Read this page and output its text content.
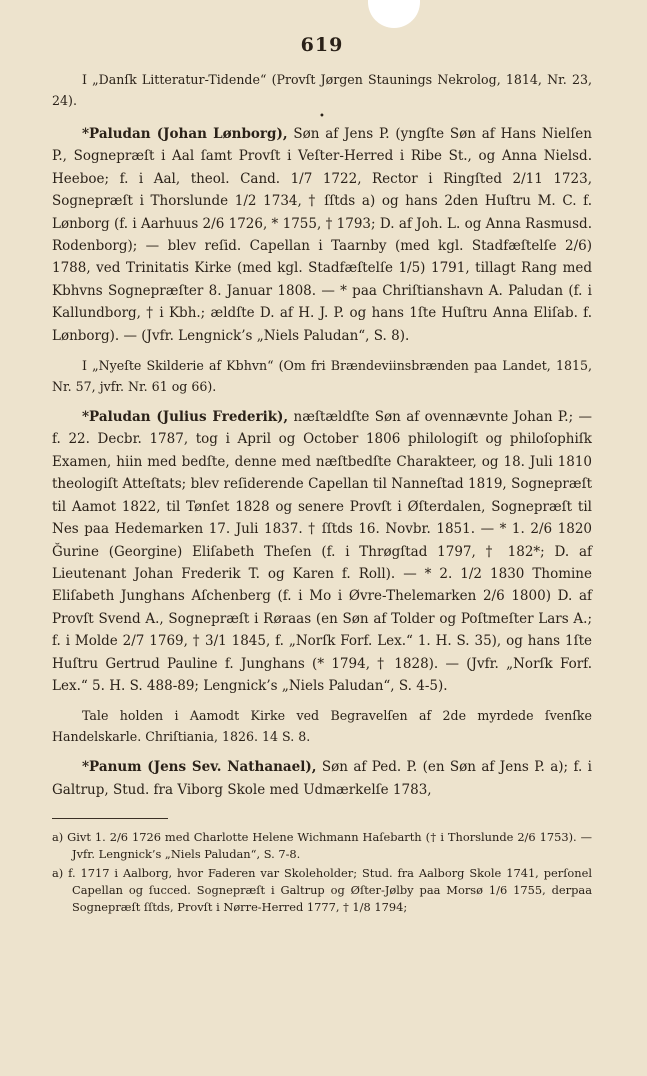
619

I „Danſk Litteratur-Tidende“ (Provſt Jørgen Staunings Nekrolog, 1814, Nr. 23, 24).

•

*Paludan (Johan Lønborg), Søn af Jens P. (yngſte Søn af Hans Nielſen P., Sognepræſt i Aal ſamt Provſt i Veſter-Herred i Ribe St., og Anna Nielsd. Heeboe; f. i Aal, theol. Cand. 1/7 1722, Rector i Ringſted 2/11 1723, Sognepræſt i Thorslunde 1/2 1734, † ſſtds a) og hans 2den Huſtru M. C. f. Lønborg (f. i Aarhuus 2/6 1726, * 1755, † 1793; D. af Joh. L. og Anna Rasmusd. Rodenborg); — blev reſid. Capellan i Taarnby (med kgl. Stadfæſtelſe 2/6) 1788, ved Trinitatis Kirke (med kgl. Stadfæſtelſe 1/5) 1791, tillagt Rang med Kbhvns Sognepræſter 8. Januar 1808. — * paa Chriſtianshavn A. Paludan (f. i Kallundborg, † i Kbh.; ældſte D. af H. J. P. og hans 1ſte Huſtru Anna Eliſab. f. Lønborg). — (Jvfr. Lengnick’s „Niels Paludan“, S. 8).

I „Nyeſte Skilderie af Kbhvn“ (Om fri Brændeviinsbrænden paa Landet, 1815, Nr. 57, jvfr. Nr. 61 og 66).

*Paludan (Julius Frederik), næſtældſte Søn af ovennævnte Johan P.; — f. 22. Decbr. 1787, tog i April og October 1806 philologiſt og philoſophiſk Examen, hiin med bedſte, denne med næſtbedſte Charakteer, og 18. Juli 1810 theologiſt Atteſtats; blev reſiderende Capellan til Nanneſtad 1819, Sognepræſt til Aamot 1822, til Tønſet 1828 og senere Provſt i Øſterdalen, Sognepræſt til Nes paa Hedemarken 17. Juli 1837. † ſſtds 16. Novbr. 1851. — * 1. 2/6 1820 Ğurine (Georgine) Eliſabeth Theſen (f. i Thrøgſtad 1797, † 182*; D. af Lieutenant Johan Frederik T. og Karen f. Roll). — * 2. 1/2 1830 Thomine Eliſabeth Junghans Aſchenberg (f. i Mo i Øvre-Thelemarken 2/6 1800) D. af Provſt Svend A., Sognepræſt i Røraas (en Søn af Tolder og Poſtmeſter Lars A.; f. i Molde 2/7 1769, † 3/1 1845, f. „Norſk Forf. Lex.“ 1. H. S. 35), og hans 1ſte Huſtru Gertrud Pauline f. Junghans (* 1794, † 1828). — (Jvfr. „Norſk Forf. Lex.“ 5. H. S. 488-89; Lengnick’s „Niels Paludan“, S. 4-5).

Tale holden i Aamodt Kirke ved Begravelſen af 2de myrdede ſvenſke Handelskarle. Chriſtiania, 1826. 14 S. 8.

*Panum (Jens Sev. Nathanael), Søn af Ped. P. (en Søn af Jens P. a); f. i Galtrup, Stud. fra Viborg Skole med Udmærkelſe 1783,

a) Givt 1. 2/6 1726 med Charlotte Helene Wichmann Haſebarth († i Thorslunde 2/6 1753). — Jvfr. Lengnick’s „Niels Paludan“, S. 7-8.

a) f. 1717 i Aalborg, hvor Faderen var Skoleholder; Stud. fra Aalborg Skole 1741, perſonel Capellan og ſucced. Sognepræſt i Galtrup og Øſter-Jølby paa Morsø 1/6 1755, derpaa Sognepræſt ſſtds, Provſt i Nørre-Herred 1777, † 1/8 1794;
